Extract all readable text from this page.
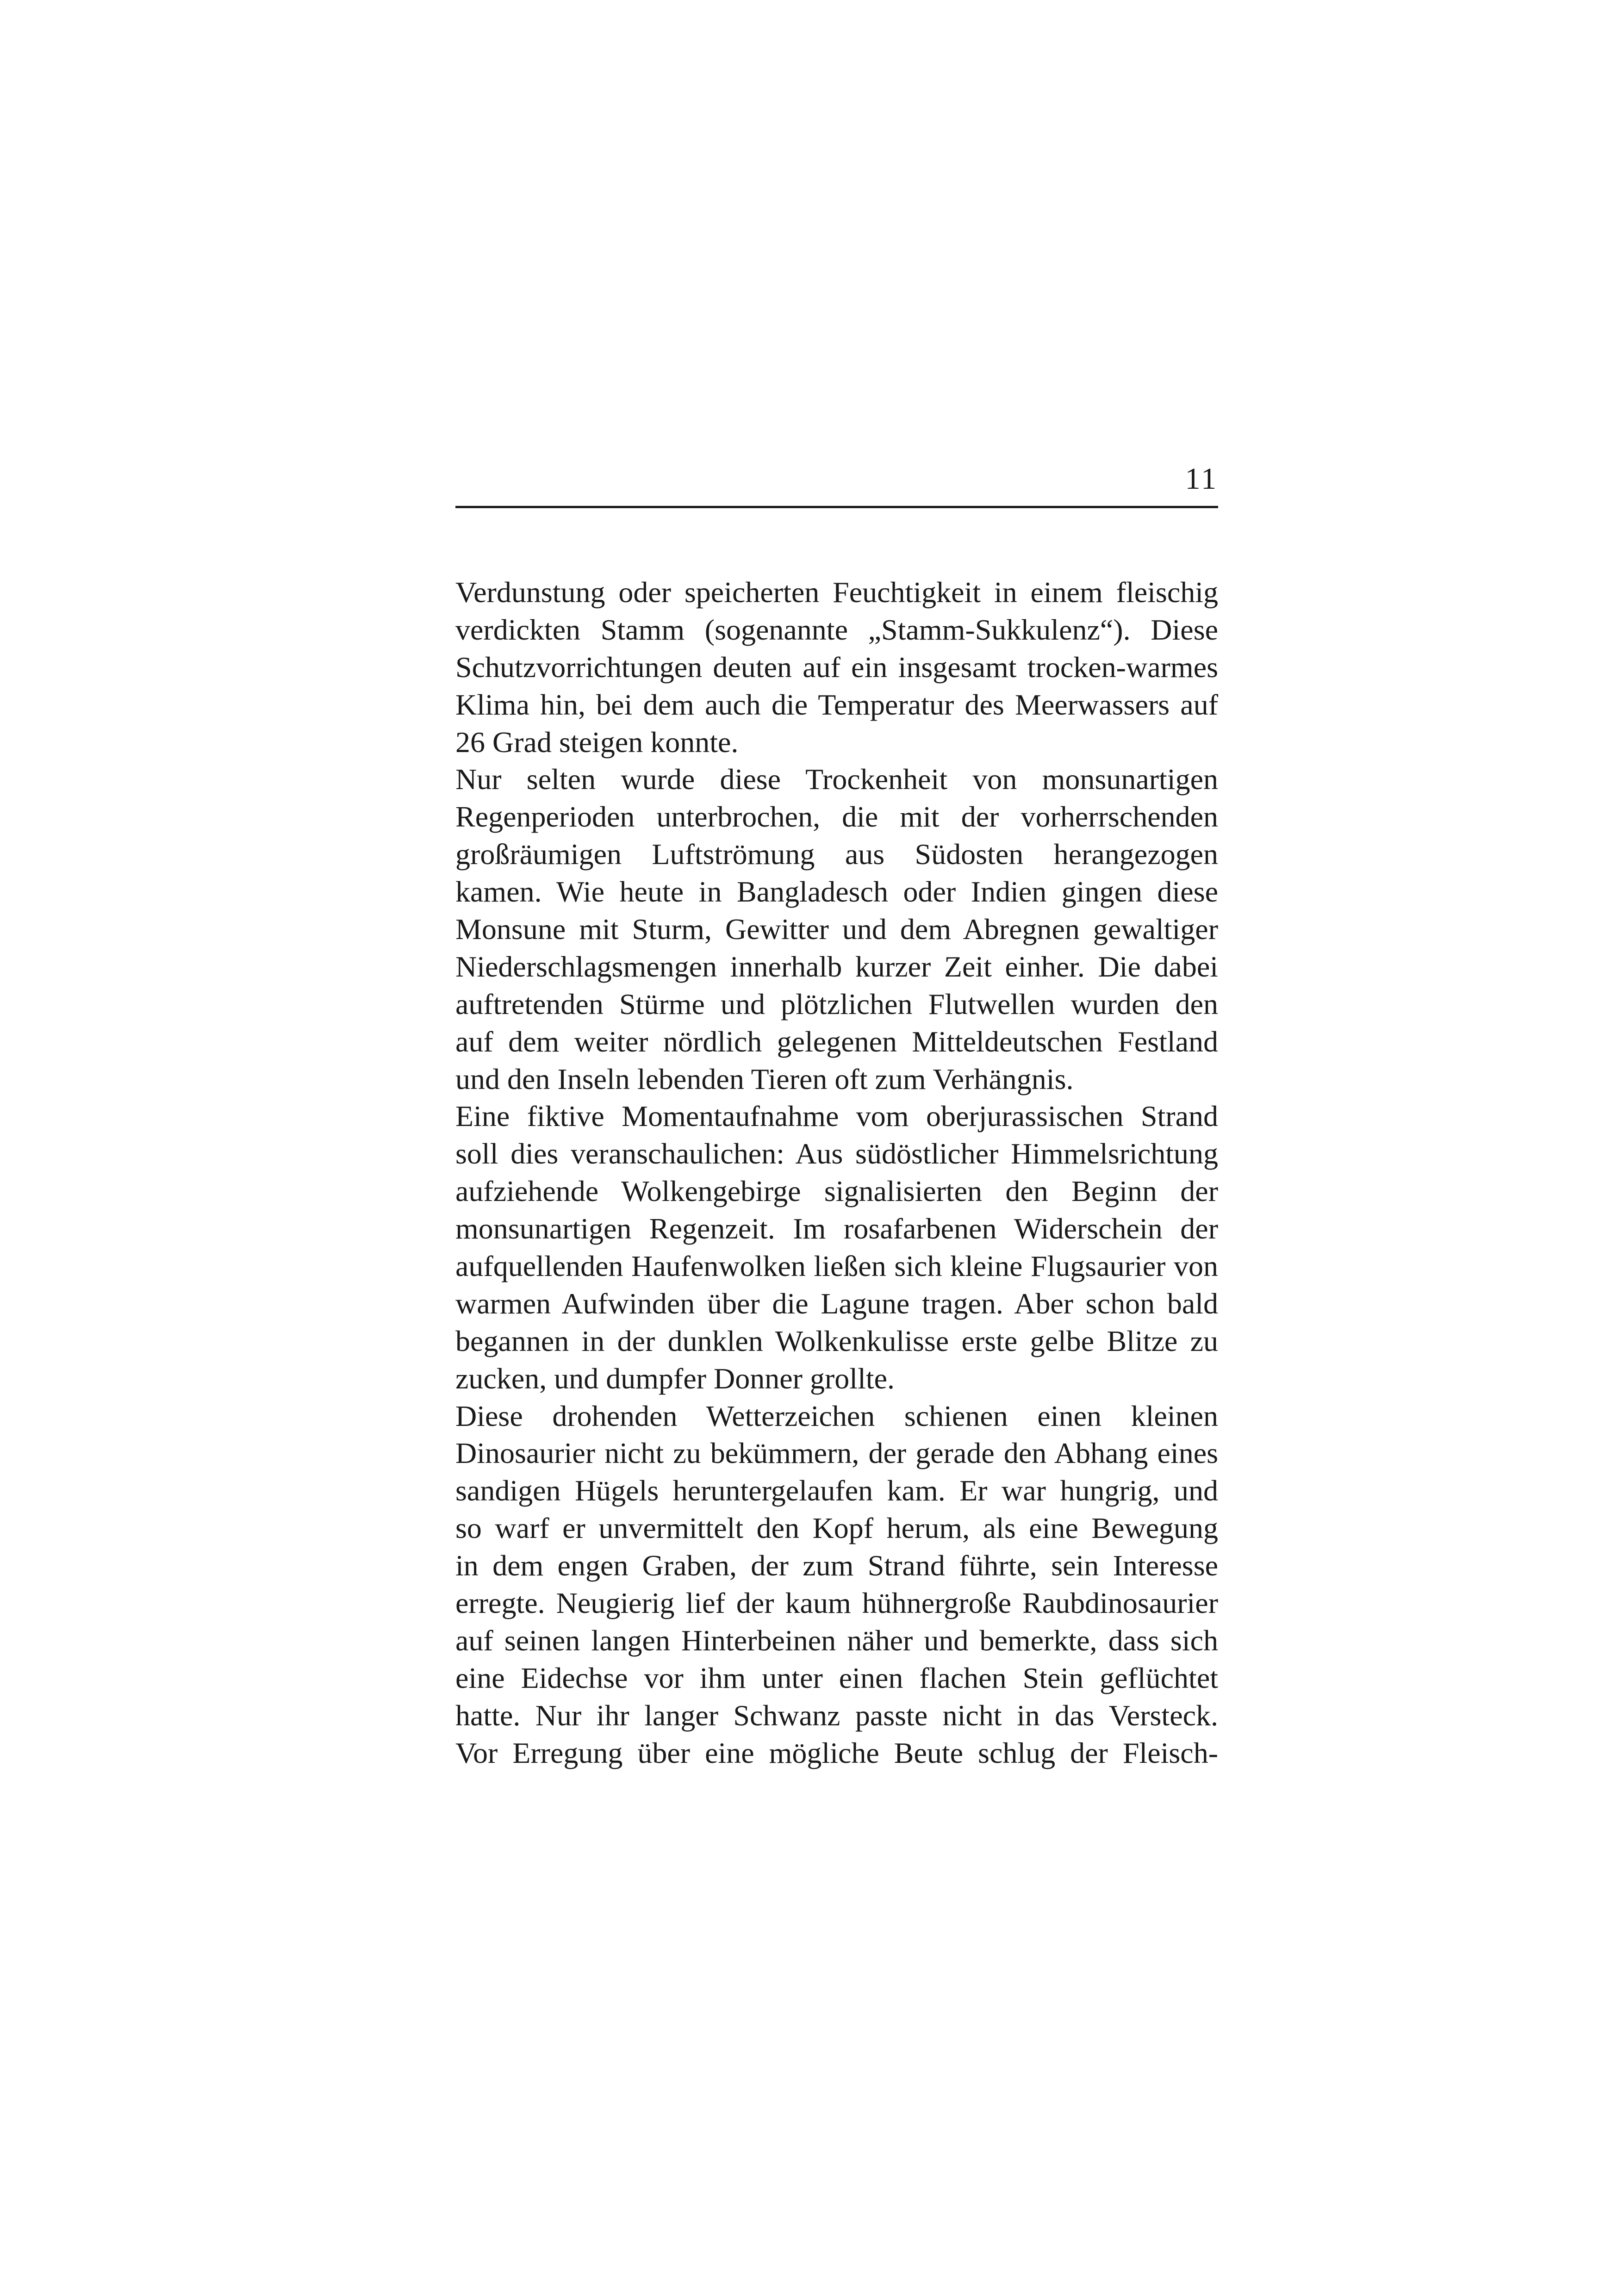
11
Verdunstung oder speicherten Feuchtigkeit in einem fleischig
verdickten Stamm (sogenannte „Stamm-Sukkulenz“). Diese
Schutzvorrichtungen deuten auf ein insgesamt trocken-warmes
Klima hin, bei dem auch die Temperatur des Meerwassers auf
26 Grad steigen konnte.
Nur selten wurde diese Trockenheit von monsunartigen
Regenperioden unterbrochen, die mit der vorherrschenden
großräumigen Luftströmung aus Südosten herangezogen
kamen. Wie heute in Bangladesch oder Indien gingen diese
Monsune mit Sturm, Gewitter und dem Abregnen gewaltiger
Niederschlagsmengen innerhalb kurzer Zeit einher. Die dabei
auftretenden Stürme und plötzlichen Flutwellen wurden den
auf dem weiter nördlich gelegenen Mitteldeutschen Festland
und den Inseln lebenden Tieren oft zum Verhängnis.
Eine fiktive Momentaufnahme vom oberjurassischen Strand
soll dies veranschaulichen: Aus südöstlicher Himmelsrichtung
aufziehende Wolkengebirge signalisierten den Beginn der
monsunartigen Regenzeit. Im rosafarbenen Widerschein der
aufquellenden Haufenwolken ließen sich kleine Flugsaurier von
warmen Aufwinden über die Lagune tragen. Aber schon bald
begannen in der dunklen Wolkenkulisse erste gelbe Blitze zu
zucken, und dumpfer Donner grollte.
Diese drohenden Wetterzeichen schienen einen kleinen
Dinosaurier nicht zu bekümmern, der gerade den Abhang eines
sandigen Hügels heruntergelaufen kam. Er war hungrig, und
so warf er unvermittelt den Kopf herum, als eine Bewegung
in dem engen Graben, der zum Strand führte, sein Interesse
erregte. Neugierig lief der kaum hühnergroße Raubdinosaurier
auf seinen langen Hinterbeinen näher und bemerkte, dass sich
eine Eidechse vor ihm unter einen flachen Stein geflüchtet
hatte. Nur ihr langer Schwanz passte nicht in das Versteck.
Vor Erregung über eine mögliche Beute schlug der Fleisch-
